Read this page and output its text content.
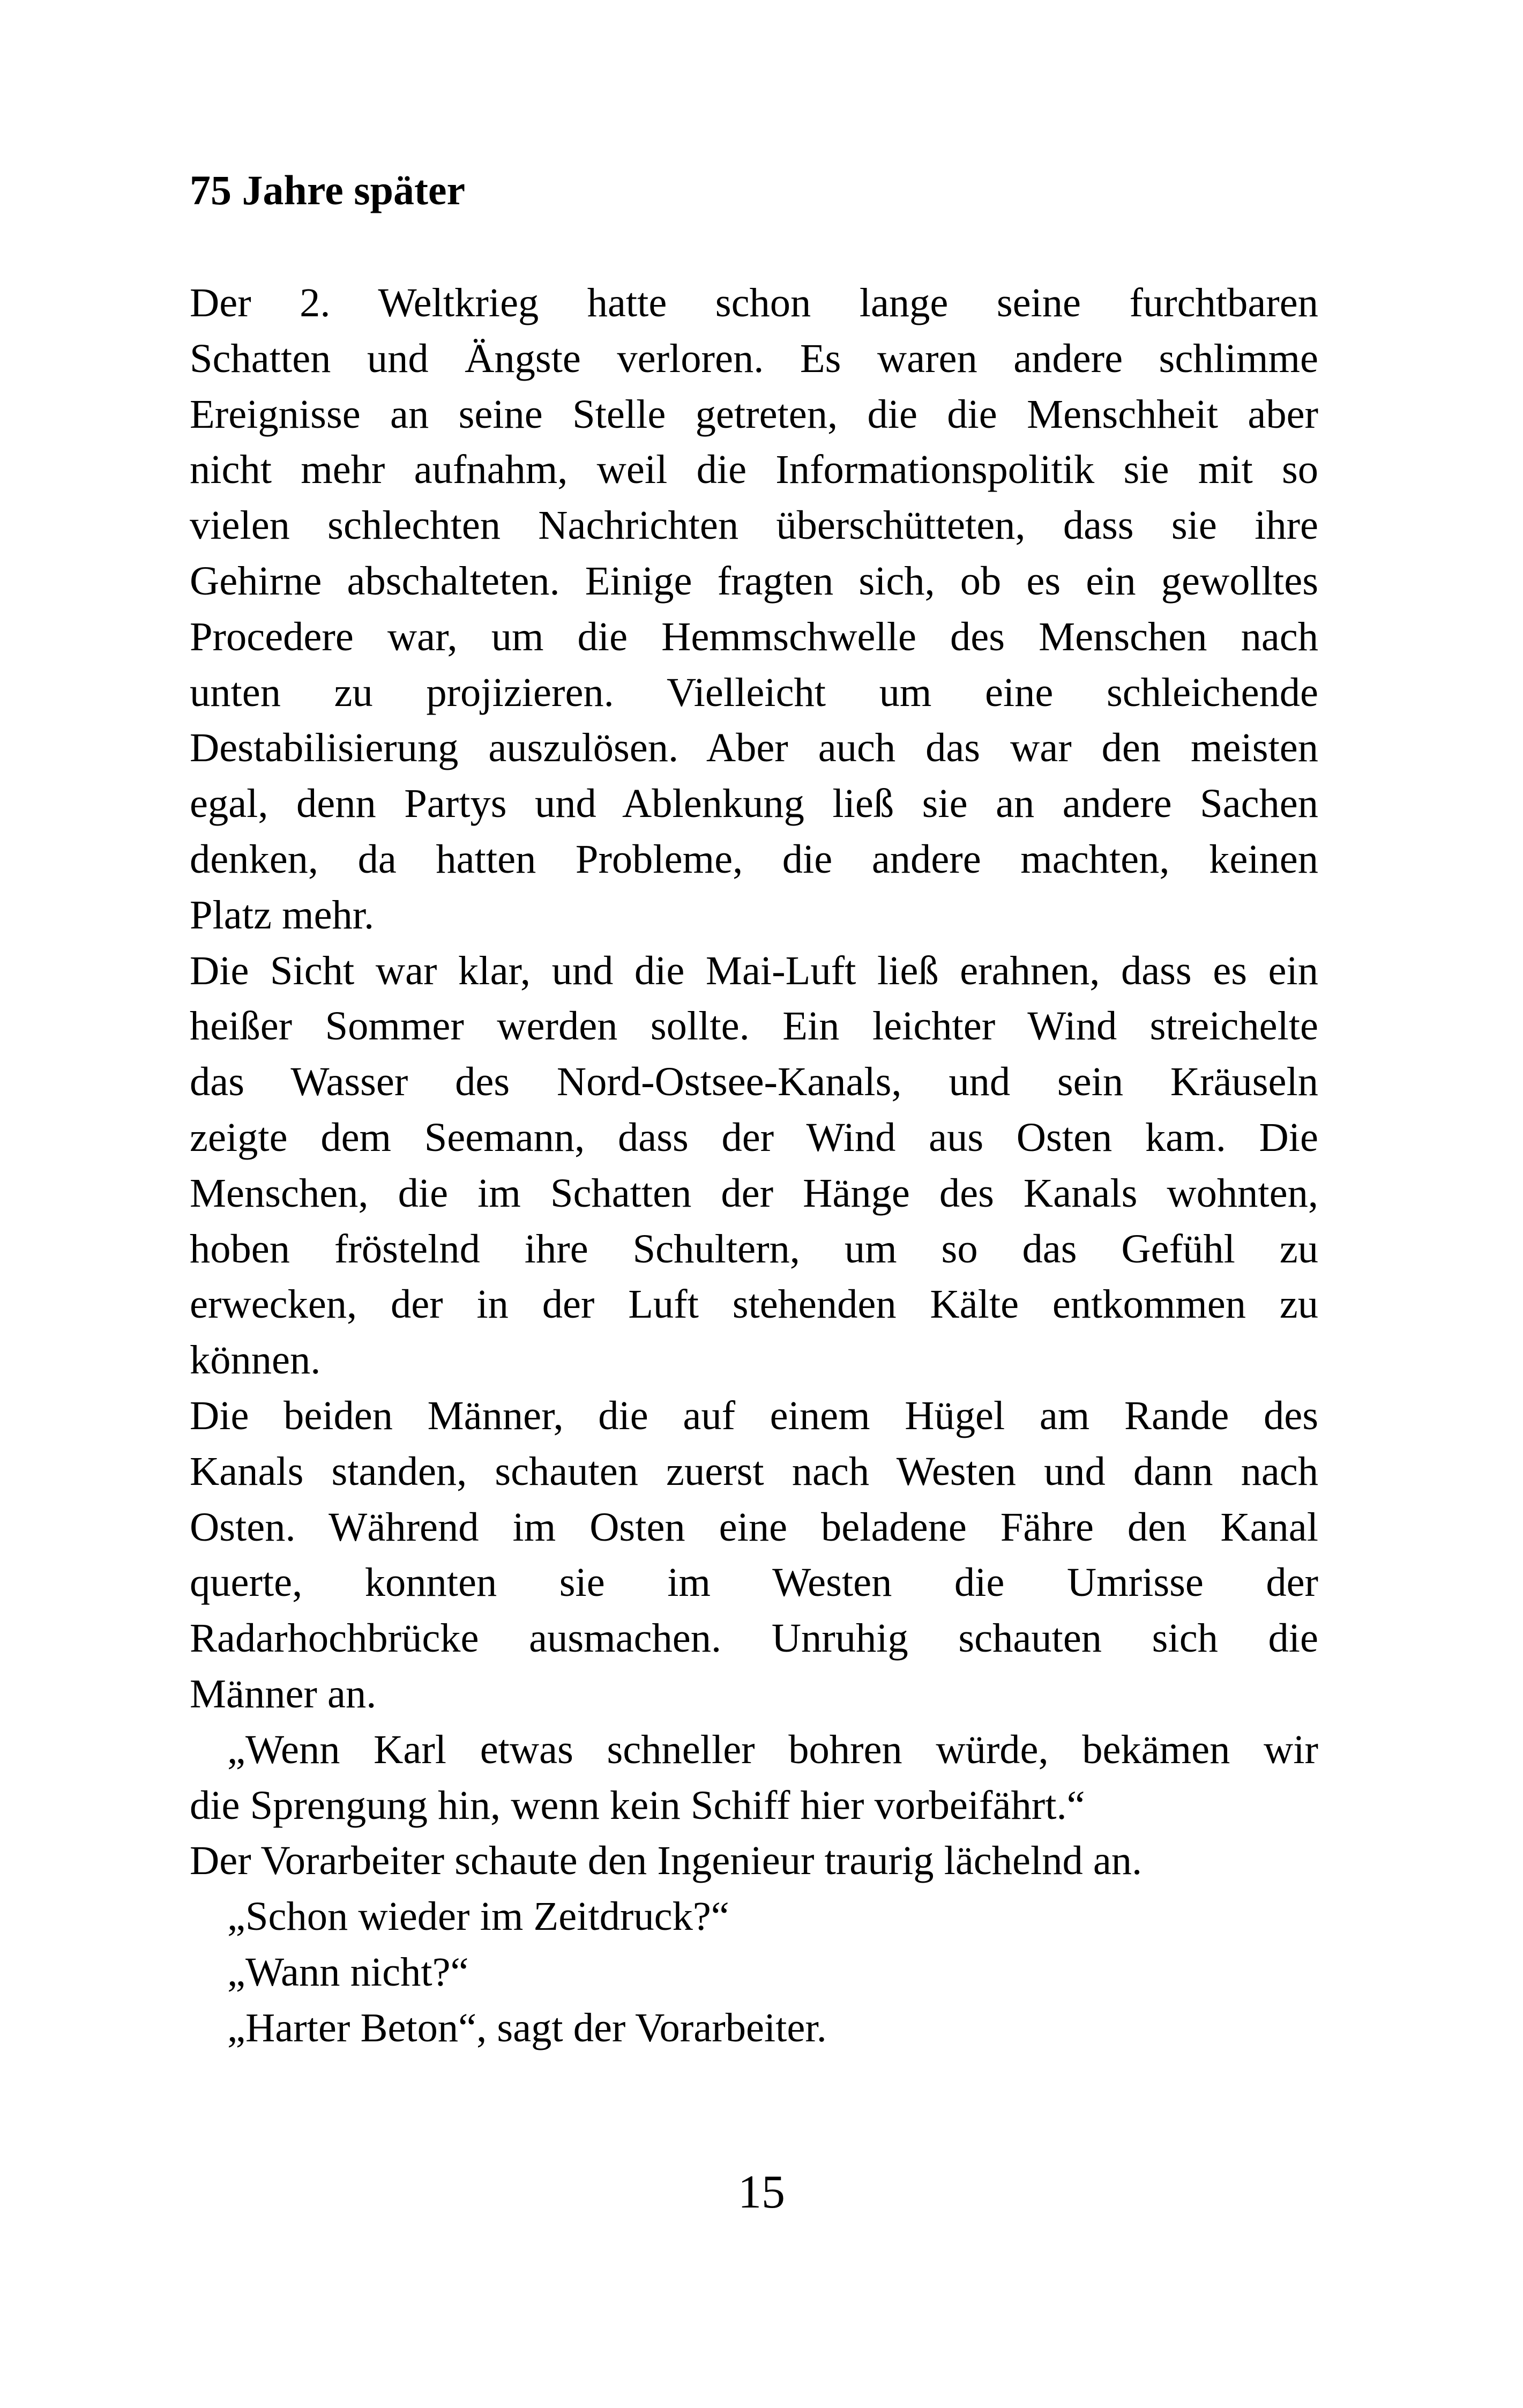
75 Jahre später
Der 2. Weltkrieg hatte schon lange seine furchtbaren
Schatten und Ängste verloren. Es waren andere schlimme
Ereignisse an seine Stelle getreten, die die Menschheit aber
nicht mehr aufnahm, weil die Informationspolitik sie mit so
vielen schlechten Nachrichten überschütteten, dass sie ihre
Gehirne abschalteten. Einige fragten sich, ob es ein gewolltes
Procedere war, um die Hemmschwelle des Menschen nach
unten zu projizieren. Vielleicht um eine schleichende
Destabilisierung auszulösen. Aber auch das war den meisten
egal, denn Partys und Ablenkung ließ sie an andere Sachen
denken, da hatten Probleme, die andere machten, keinen
Platz mehr.
Die Sicht war klar, und die Mai-Luft ließ erahnen, dass es ein
heißer Sommer werden sollte. Ein leichter Wind streichelte
das Wasser des Nord-Ostsee-Kanals, und sein Kräuseln
zeigte dem Seemann, dass der Wind aus Osten kam. Die
Menschen, die im Schatten der Hänge des Kanals wohnten,
hoben fröstelnd ihre Schultern, um so das Gefühl zu
erwecken, der in der Luft stehenden Kälte entkommen zu
können.
Die beiden Männer, die auf einem Hügel am Rande des
Kanals standen, schauten zuerst nach Westen und dann nach
Osten. Während im Osten eine beladene Fähre den Kanal
querte, konnten sie im Westen die Umrisse der
Radarhochbrücke ausmachen. Unruhig schauten sich die
Männer an.
„Wenn Karl etwas schneller bohren würde, bekämen wir
die Sprengung hin, wenn kein Schiff hier vorbeifährt.“
Der Vorarbeiter schaute den Ingenieur traurig lächelnd an.
„Schon wieder im Zeitdruck?“
„Wann nicht?“
„Harter Beton“, sagt der Vorarbeiter.
15
